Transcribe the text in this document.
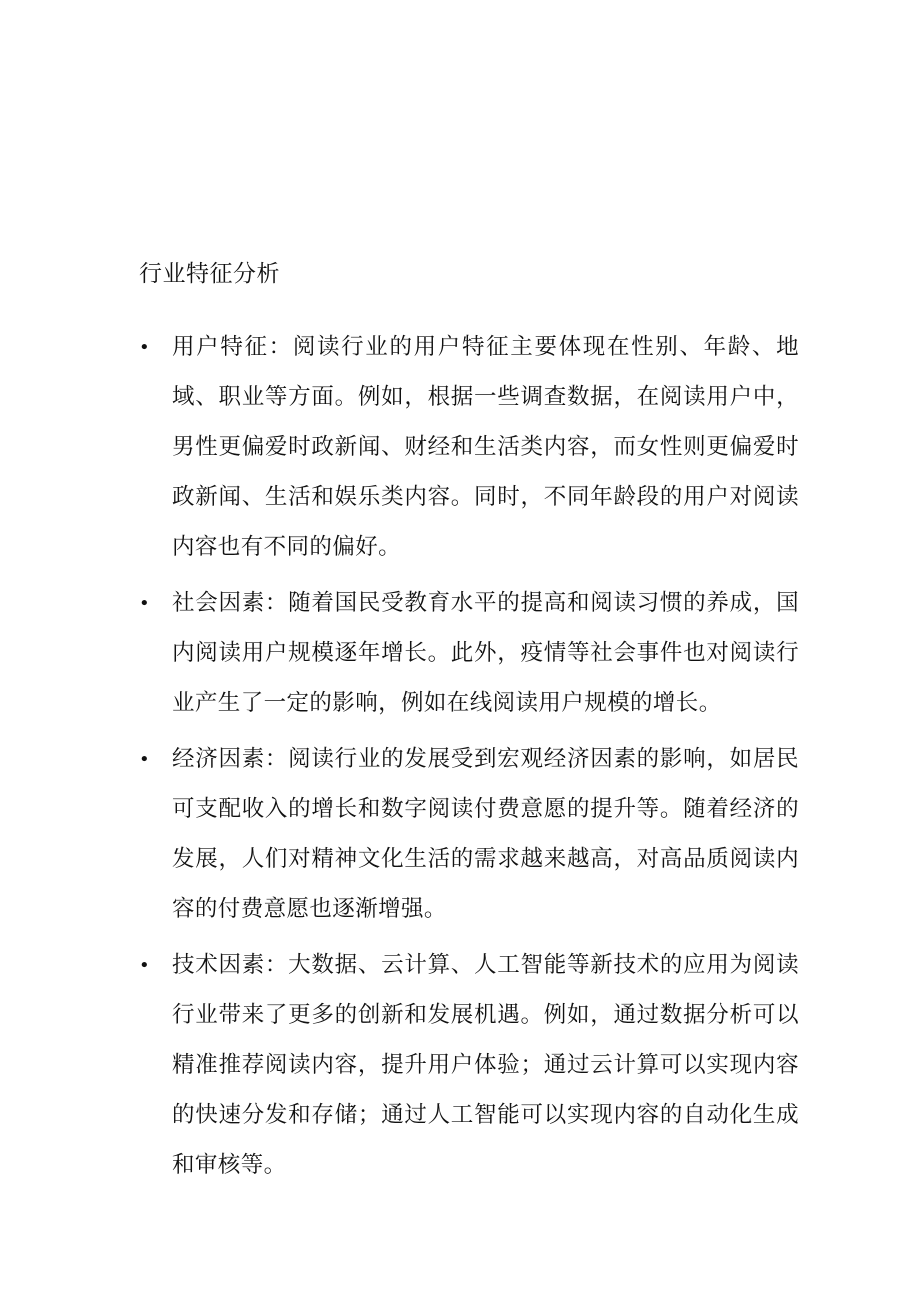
行业特征分析
• 用户特征：阅读行业的用户特征主要体现在性别、年龄、地域、职业等方面。例如，根据一些调查数据，在阅读用户中，男性更偏爱时政新闻、财经和生活类内容，而女性则更偏爱时政新闻、生活和娱乐类内容。同时，不同年龄段的用户对阅读内容也有不同的偏好。
• 社会因素：随着国民受教育水平的提高和阅读习惯的养成，国内阅读用户规模逐年增长。此外，疫情等社会事件也对阅读行业产生了一定的影响，例如在线阅读用户规模的增长。
• 经济因素：阅读行业的发展受到宏观经济因素的影响，如居民可支配收入的增长和数字阅读付费意愿的提升等。随着经济的发展，人们对精神文化生活的需求越来越高，对高品质阅读内容的付费意愿也逐渐增强。
• 技术因素：大数据、云计算、人工智能等新技术的应用为阅读行业带来了更多的创新和发展机遇。例如，通过数据分析可以精准推荐阅读内容，提升用户体验；通过云计算可以实现内容的快速分发和存储；通过人工智能可以实现内容的自动化生成和审核等。
